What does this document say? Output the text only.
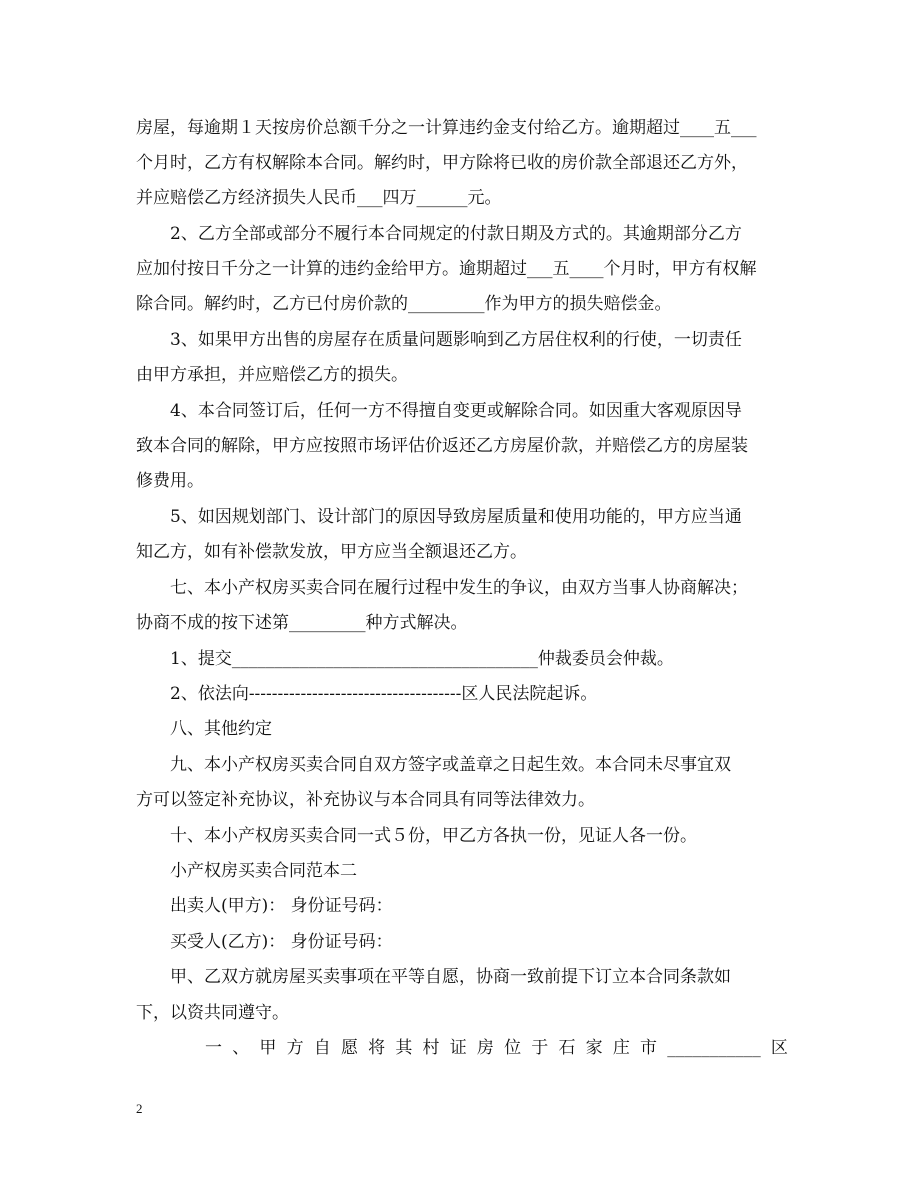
房屋，每逾期１天按房价总额千分之一计算违约金支付给乙方。逾期超过____五___
个月时，乙方有权解除本合同。解约时，甲方除将已收的房价款全部退还乙方外，
并应赔偿乙方经济损失人民币___四万______元。
2、乙方全部或部分不履行本合同规定的付款日期及方式的。其逾期部分乙方
应加付按日千分之一计算的违约金给甲方。逾期超过___五____个月时，甲方有权解
除合同。解约时，乙方已付房价款的_________作为甲方的损失赔偿金。
3、如果甲方出售的房屋存在质量问题影响到乙方居住权利的行使，一切责任
由甲方承担，并应赔偿乙方的损失。
4、本合同签订后，任何一方不得擅自变更或解除合同。如因重大客观原因导
致本合同的解除，甲方应按照市场评估价返还乙方房屋价款，并赔偿乙方的房屋装
修费用。
5、如因规划部门、设计部门的原因导致房屋质量和使用功能的，甲方应当通
知乙方，如有补偿款发放，甲方应当全额退还乙方。
七、本小产权房买卖合同在履行过程中发生的争议，由双方当事人协商解决；
协商不成的按下述第_________种方式解决。
1、提交____________________________________仲裁委员会仲裁。
2、依法向-------------------------------------区人民法院起诉。
八、其他约定
九、本小产权房买卖合同自双方签字或盖章之日起生效。本合同未尽事宜双
方可以签定补充协议，补充协议与本合同具有同等法律效力。
十、本小产权房买卖合同一式５份，甲乙方各执一份，见证人各一份。
小产权房买卖合同范本二
出卖人(甲方)： 身份证号码：
买受人(乙方)： 身份证号码：
甲、乙双方就房屋买卖事项在平等自愿，协商一致前提下订立本合同条款如
下，以资共同遵守。
一 、 甲 方 自 愿 将 其 村 证 房 位 于 石 家 庄 市 ___________ 区
2
